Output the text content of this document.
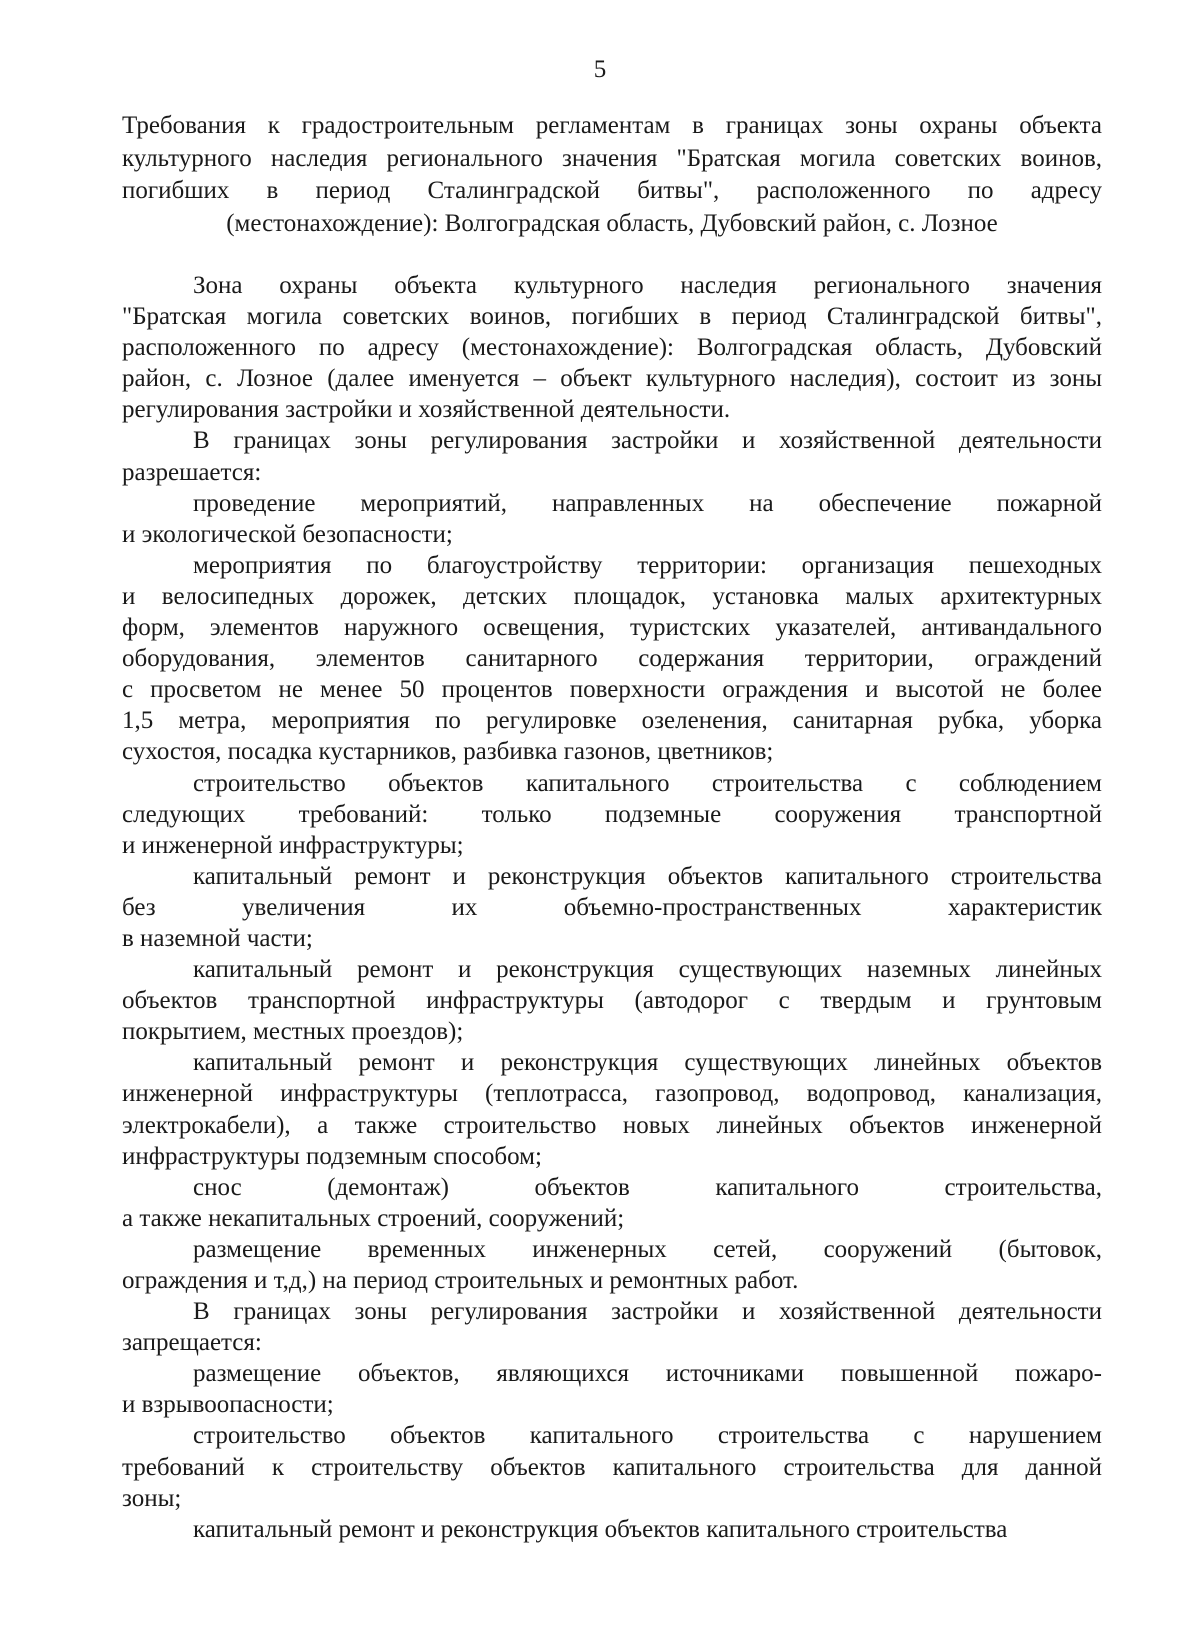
5
Требования к градостроительным регламентам в границах зоны охраны объекта
культурного наследия регионального значения "Братская могила советских воинов,
погибших в период Сталинградской битвы", расположенного по адресу
(местонахождение): Волгоградская область, Дубовский район, с. Лозное
Зона охраны объекта культурного наследия регионального значения
"Братская могила советских воинов, погибших в период Сталинградской битвы",
расположенного по адресу (местонахождение): Волгоградская область, Дубовский
район, с. Лозное (далее именуется – объект культурного наследия), состоит из зоны
регулирования застройки и хозяйственной деятельности.
В границах зоны регулирования застройки и хозяйственной деятельности
разрешается:
проведение мероприятий, направленных на обеспечение пожарной
и экологической безопасности;
мероприятия по благоустройству территории: организация пешеходных
и велосипедных дорожек, детских площадок, установка малых архитектурных
форм, элементов наружного освещения, туристских указателей, антивандального
оборудования, элементов санитарного содержания территории, ограждений
с просветом не менее 50 процентов поверхности ограждения и высотой не более
1,5 метра, мероприятия по регулировке озеленения, санитарная рубка, уборка
сухостоя, посадка кустарников, разбивка газонов, цветников;
строительство объектов капитального строительства с соблюдением
следующих требований: только подземные сооружения транспортной
и инженерной инфраструктуры;
капитальный ремонт и реконструкция объектов капитального строительства
без увеличения их объемно-пространственных характеристик
в наземной части;
капитальный ремонт и реконструкция существующих наземных линейных
объектов транспортной инфраструктуры (автодорог с твердым и грунтовым
покрытием, местных проездов);
капитальный ремонт и реконструкция существующих линейных объектов
инженерной инфраструктуры (теплотрасса, газопровод, водопровод, канализация,
электрокабели), а также строительство новых линейных объектов инженерной
инфраструктуры подземным способом;
снос (демонтаж) объектов капитального строительства,
а также некапитальных строений, сооружений;
размещение временных инженерных сетей, сооружений (бытовок,
ограждения и т,д,) на период строительных и ремонтных работ.
В границах зоны регулирования застройки и хозяйственной деятельности
запрещается:
размещение объектов, являющихся источниками повышенной пожаро-
и взрывоопасности;
строительство объектов капитального строительства с нарушением
требований к строительству объектов капитального строительства для данной
зоны;
капитальный ремонт и реконструкция объектов капитального строительства
